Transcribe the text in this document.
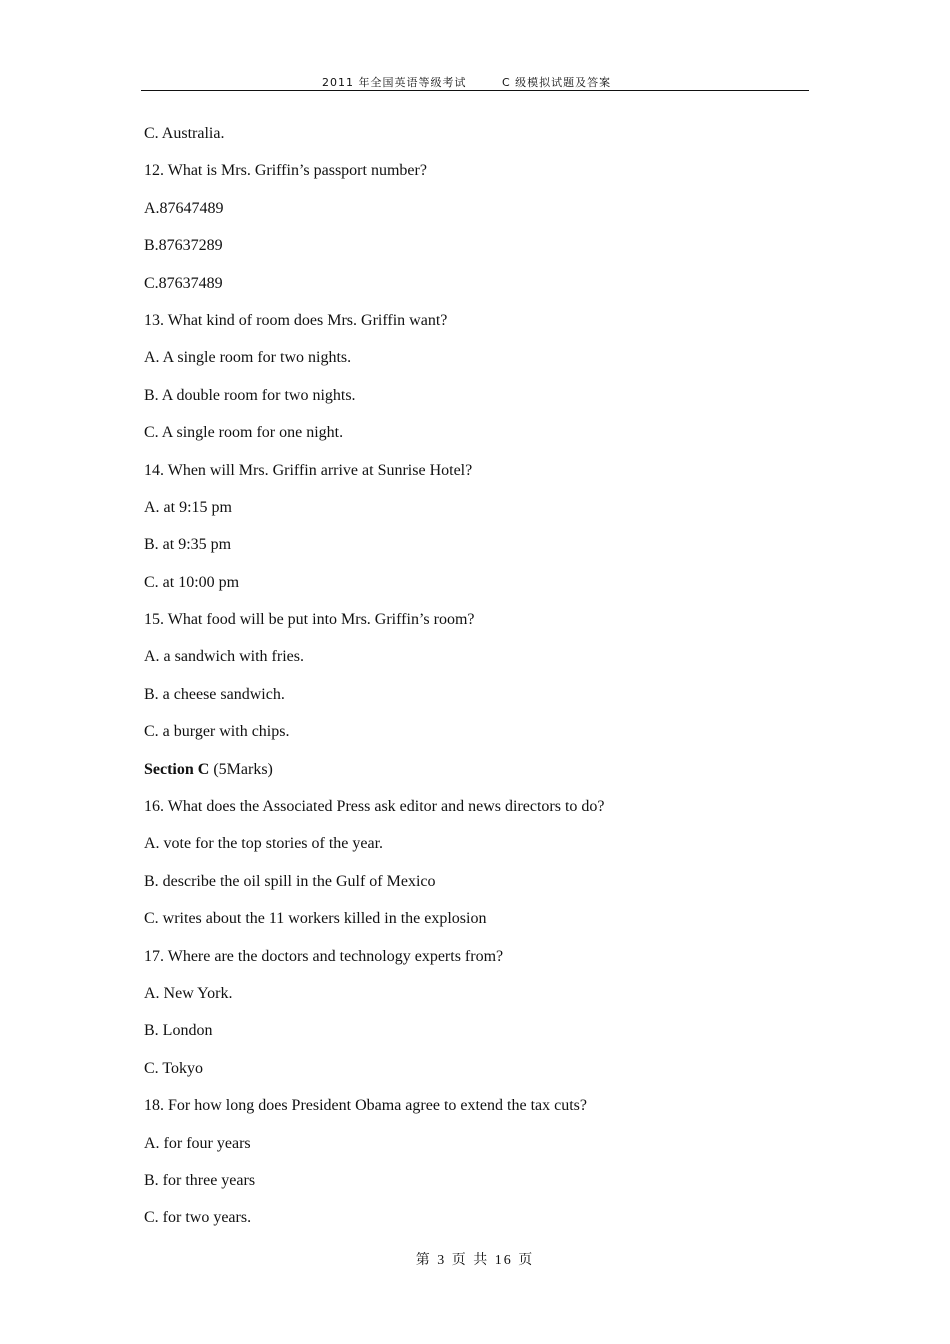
2011 年全国英语等级考试	C 级模拟试题及答案
C. Australia.
12. What is Mrs. Griffin’s passport number?
A.87647489
B.87637289
C.87637489
13. What kind of room does Mrs. Griffin want?
A. A single room for two nights.
B. A double room for two nights.
C. A single room for one night.
14. When will Mrs. Griffin arrive at Sunrise Hotel?
A. at 9:15 pm
B. at 9:35 pm
C. at 10:00 pm
15. What food will be put into Mrs. Griffin’s room?
A. a sandwich with fries.
B. a cheese sandwich.
C. a burger with chips.
Section C (5Marks)
16. What does the Associated Press ask editor and news directors to do?
A. vote for the top stories of the year.
B. describe the oil spill in the Gulf of Mexico
C. writes about the 11 workers killed in the explosion
17. Where are the doctors and technology experts from?
A. New York.
B. London
C. Tokyo
18. For how long does President Obama agree to extend the tax cuts?
A. for four years
B. for three years
C. for two years.
第 3 页 共 16 页
